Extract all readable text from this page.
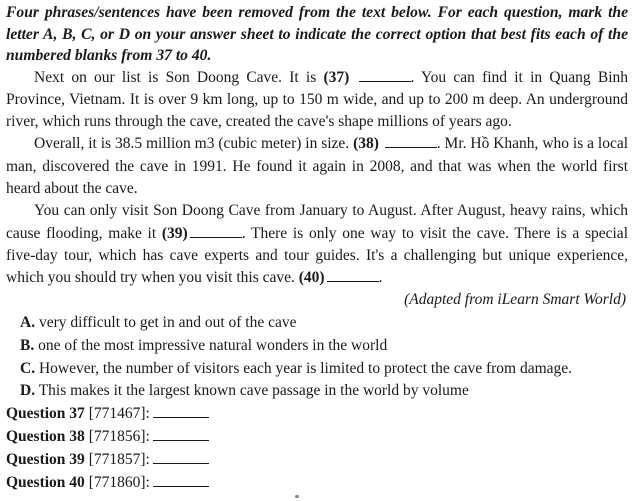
Four phrases/sentences have been removed from the text below. For each question, mark the letter A, B, C, or D on your answer sheet to indicate the correct option that best fits each of the numbered blanks from 37 to 40.

Next on our list is Son Doong Cave. It is (37)	. You can find it in Quang Binh Province, Vietnam. It is over 9 km long, up to 150 m wide, and up to 200 m deep. An underground river, which runs through the cave, created the cave's shape millions of years ago.

Overall, it is 38.5 million m3 (cubic meter) in size. (38)	. Mr. Hồ Khanh, who is a local man, discovered the cave in 1991. He found it again in 2008, and that was when the world first heard about the cave.

You can only visit Son Doong Cave from January to August. After August, heavy rains, which cause flooding, make it (39)	. There is only one way to visit the cave. There is a special five-day tour, which has cave experts and tour guides. It's a challenging but unique experience, which you should try when you visit this cave. (40)	.

(Adapted from iLearn Smart World)

A. very difficult to get in and out of the cave
B. one of the most impressive natural wonders in the world
C. However, the number of visitors each year is limited to protect the cave from damage.
D. This makes it the largest known cave passage in the world by volume
Question 37 [771467]:
Question 38 [771856]:
Question 39 [771857]:
Question 40 [771860]:
